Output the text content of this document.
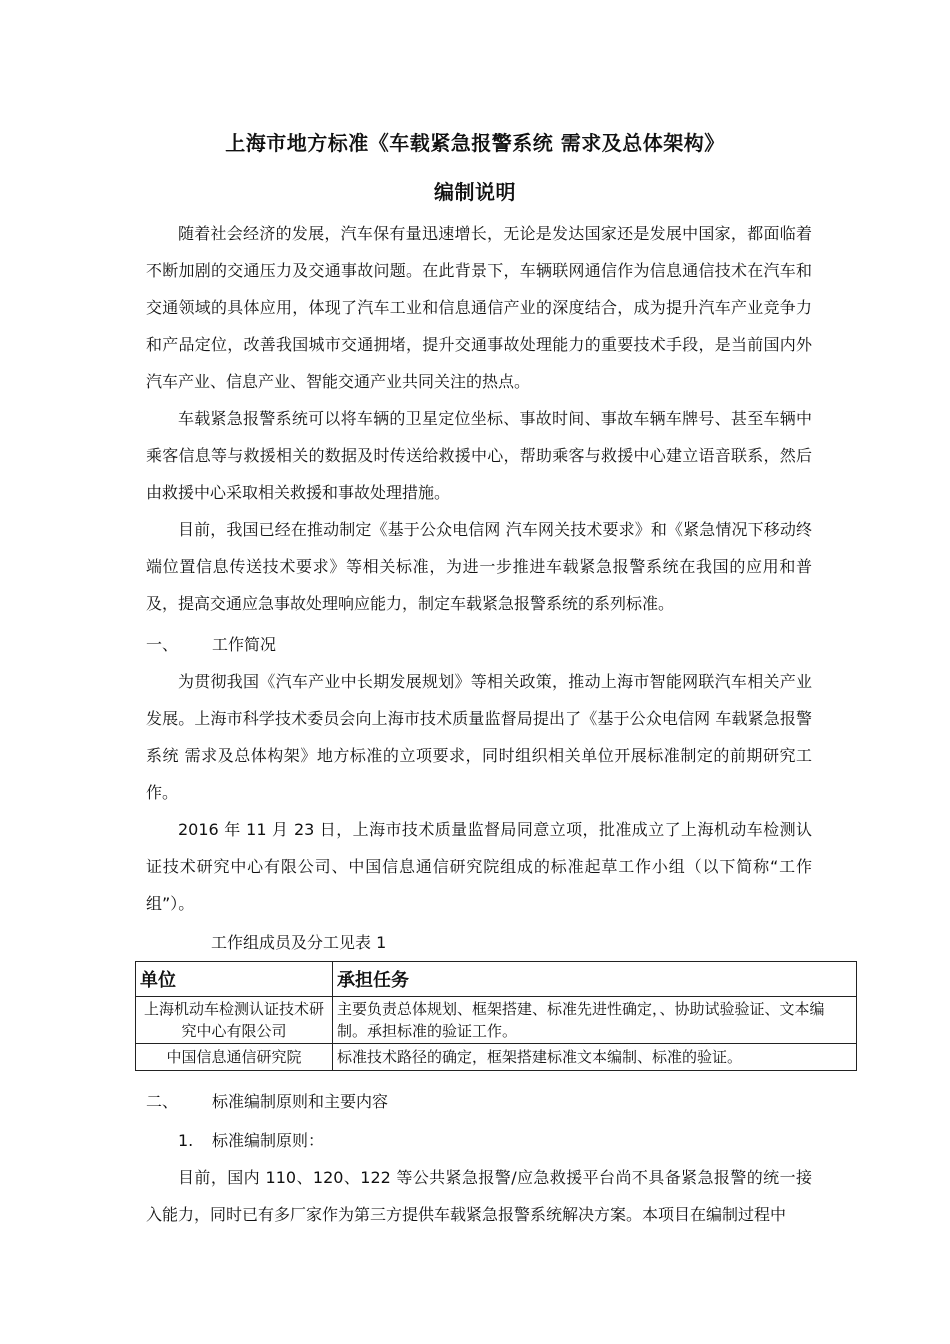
上海市地方标准《车载紧急报警系统 需求及总体架构》
编制说明

随着社会经济的发展，汽车保有量迅速增长，无论是发达国家还是发展中国家，都面临着不断加剧的交通压力及交通事故问题。在此背景下，车辆联网通信作为信息通信技术在汽车和交通领域的具体应用，体现了汽车工业和信息通信产业的深度结合，成为提升汽车产业竞争力和产品定位，改善我国城市交通拥堵，提升交通事故处理能力的重要技术手段，是当前国内外汽车产业、信息产业、智能交通产业共同关注的热点。

车载紧急报警系统可以将车辆的卫星定位坐标、事故时间、事故车辆车牌号、甚至车辆中乘客信息等与救援相关的数据及时传送给救援中心，帮助乘客与救援中心建立语音联系，然后由救援中心采取相关救援和事故处理措施。

目前，我国已经在推动制定《基于公众电信网 汽车网关技术要求》和《紧急情况下移动终端位置信息传送技术要求》等相关标准，为进一步推进车载紧急报警系统在我国的应用和普及，提高交通应急事故处理响应能力，制定车载紧急报警系统的系列标准。

一、 工作简况

为贯彻我国《汽车产业中长期发展规划》等相关政策，推动上海市智能网联汽车相关产业发展。上海市科学技术委员会向上海市技术质量监督局提出了《基于公众电信网 车载紧急报警系统 需求及总体构架》地方标准的立项要求，同时组织相关单位开展标准制定的前期研究工作。

2016 年 11 月 23 日，上海市技术质量监督局同意立项，批准成立了上海机动车检测认证技术研究中心有限公司、中国信息通信研究院组成的标准起草工作小组（以下简称“工作组”）。

工作组成员及分工见表 1
单位	承担任务
上海机动车检测认证技术研究中心有限公司	主要负责总体规划、框架搭建、标准先进性确定，、协助试验验证、文本编制。承担标准的验证工作。
中国信息通信研究院	标准技术路径的确定，框架搭建标准文本编制、标准的验证。
二、 标准编制原则和主要内容
1. 标准编制原则：

目前，国内 110、120、122 等公共紧急报警/应急救援平台尚不具备紧急报警的统一接入能力，同时已有多厂家作为第三方提供车载紧急报警系统解决方案。本项目在编制过程中
